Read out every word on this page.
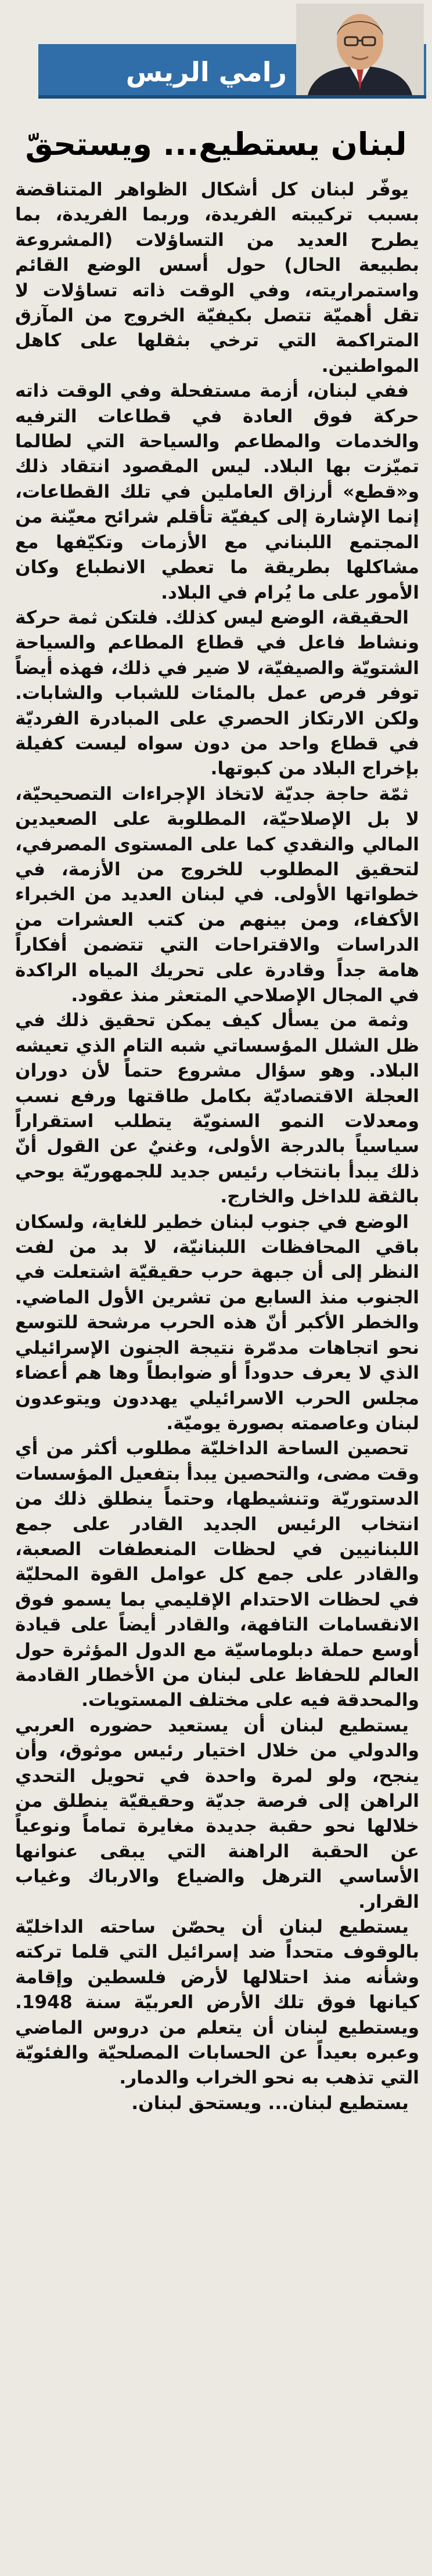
رامي الريس
لبنان يستطيع... ويستحقّ

يوفّر لبنان كل أشكال الظواهر المتناقضة بسبب تركيبته الفريدة، وربما الفريدة، بما يطرح العديد من التساؤلات (المشروعة بطبيعة الحال) حول أسس الوضع القائم واستمراريته، وفي الوقت ذاته تساؤلات لا تقل أهميّة تتصل بكيفيّة الخروج من المآزق المتراكمة التي ترخي بثقلها على كاهل المواطنين.

ففي لبنان، أزمة مستفحلة وفي الوقت ذاته حركة فوق العادة في قطاعات الترفيه والخدمات والمطاعم والسياحة التي لطالما تميّزت بها البلاد. ليس المقصود انتقاد ذلك و«قطع» أرزاق العاملين في تلك القطاعات، إنما الإشارة إلى كيفيّة تأقلم شرائح معيّنة من المجتمع اللبناني مع الأزمات وتكيّفها مع مشاكلها بطريقة ما تعطي الانطباع وكان الأمور على ما يُرام في البلاد.

الحقيقة، الوضع ليس كذلك. فلتكن ثمة حركة ونشاط فاعل في قطاع المطاعم والسياحة الشتويّة والصيفيّة، لا ضير في ذلك، فهذه أيضاً توفر فرص عمل بالمئات للشباب والشابات. ولكن الارتكاز الحصري على المبادرة الفرديّة في قطاع واحد من دون سواه ليست كفيلة بإخراج البلاد من كبوتها.

ثمّة حاجة جديّة لاتخاذ الإجراءات التصحيحيّة، لا بل الإصلاحيّة، المطلوبة على الصعيدين المالي والنقدي كما على المستوى المصرفي، لتحقيق المطلوب للخروج من الأزمة، في خطواتها الأولى. في لبنان العديد من الخبراء الأكفاء، ومن بينهم من كتب العشرات من الدراسات والاقتراحات التي تتضمن أفكاراً هامة جداً وقادرة على تحريك المياه الراكدة في المجال الإصلاحي المتعثر منذ عقود.

وثمة من يسأل كيف يمكن تحقيق ذلك في ظل الشلل المؤسساتي شبه التام الذي تعيشه البلاد. وهو سؤال مشروع حتماً لأن دوران العجلة الاقتصاديّة بكامل طاقتها ورفع نسب ومعدلات النمو السنويّة يتطلب استقراراً سياسياً بالدرجة الأولى، وغنيٌ عن القول أنّ ذلك يبدأ بانتخاب رئيس جديد للجمهوريّة يوحي بالثقة للداخل والخارج.

الوضع في جنوب لبنان خطير للغاية، ولسكان باقي المحافظات اللبنانيّة، لا بد من لفت النظر إلى أن جبهة حرب حقيقيّة اشتعلت في الجنوب منذ السابع من تشرين الأول الماضي. والخطر الأكبر أنّ هذه الحرب مرشحة للتوسع نحو اتجاهات مدمّرة نتيجة الجنون الإسرائيلي الذي لا يعرف حدوداً أو ضوابطاً وها هم أعضاء مجلس الحرب الاسرائيلي يهددون ويتوعدون لبنان وعاصمته بصورة يوميّة.

تحصين الساحة الداخليّة مطلوب أكثر من أي وقت مضى، والتحصين يبدأ بتفعيل المؤسسات الدستوريّة وتنشيطها، وحتماً ينطلق ذلك من انتخاب الرئيس الجديد القادر على جمع اللبنانيين في لحظات المنعطفات الصعبة، والقادر على جمع كل عوامل القوة المحليّة في لحظات الاحتدام الإقليمي بما يسمو فوق الانقسامات التافهة، والقادر أيضاً على قيادة أوسع حملة دبلوماسيّة مع الدول المؤثرة حول العالم للحفاظ على لبنان من الأخطار القادمة والمحدقة فيه على مختلف المستويات.

يستطيع لبنان أن يستعيد حضوره العربي والدولي من خلال اختيار رئيس موثوق، وأن ينجح، ولو لمرة واحدة في تحويل التحدي الراهن إلى فرصة جديّة وحقيقيّة ينطلق من خلالها نحو حقبة جديدة مغايرة تماماً ونوعياً عن الحقبة الراهنة التي يبقى عنوانها الأساسي الترهل والضياع والارباك وغياب القرار.

يستطيع لبنان أن يحصّن ساحته الداخليّة بالوقوف متحداً ضد إسرائيل التي قلما تركته وشأنه منذ احتلالها لأرض فلسطين وإقامة كيانها فوق تلك الأرض العربيّة سنة 1948. ويستطيع لبنان أن يتعلم من دروس الماضي وعبره بعيداً عن الحسابات المصلحيّة والفئويّة التي تذهب به نحو الخراب والدمار.

يستطيع لبنان... ويستحق لبنان.
